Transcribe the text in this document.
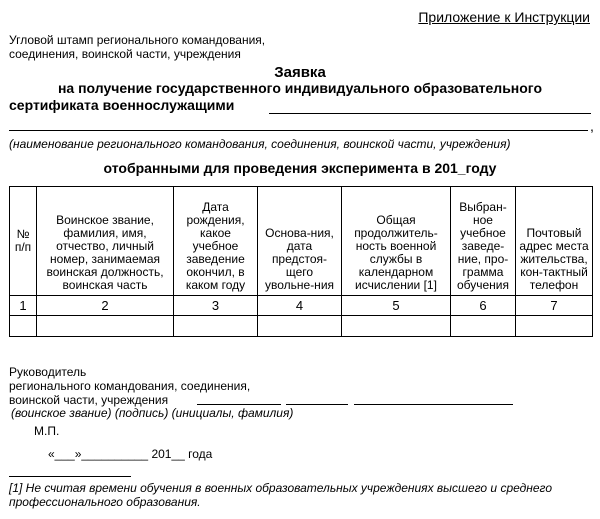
Приложение к Инструкции
Угловой штамп регионального командования,
соединения, воинской части, учреждения
Заявка
на получение государственного индивидуального образовательного
сертификата военнослужащими
,
(наименование регионального командования, соединения, воинской части, учреждения)
отобранными для проведения эксперимента в 201_году
№ п/п	Воинское звание, фамилия, имя, отчество, личный номер, занимаемая воинская должность, воинская часть	Дата рождения, какое учебное заведение окончил, в каком году	Основа-ния, дата предстоя-щего увольне-ния	Общая продолжитель-ность военной службы в календарном исчислении [1]	Выбран-ное учебное заведе-ние, про-грамма обучения	Почтовый адрес места жительства, кон-тактный телефон
1	2	3	4	5	6	7

Руководитель
регионального командования, соединения,
воинской части, учреждения
(воинское звание) (подпись) (инициалы, фамилия)
М.П.
«___»__________ 201__ года
[1] Не считая времени обучения в военных образовательных учреждениях высшего и среднего профессионального образования.
